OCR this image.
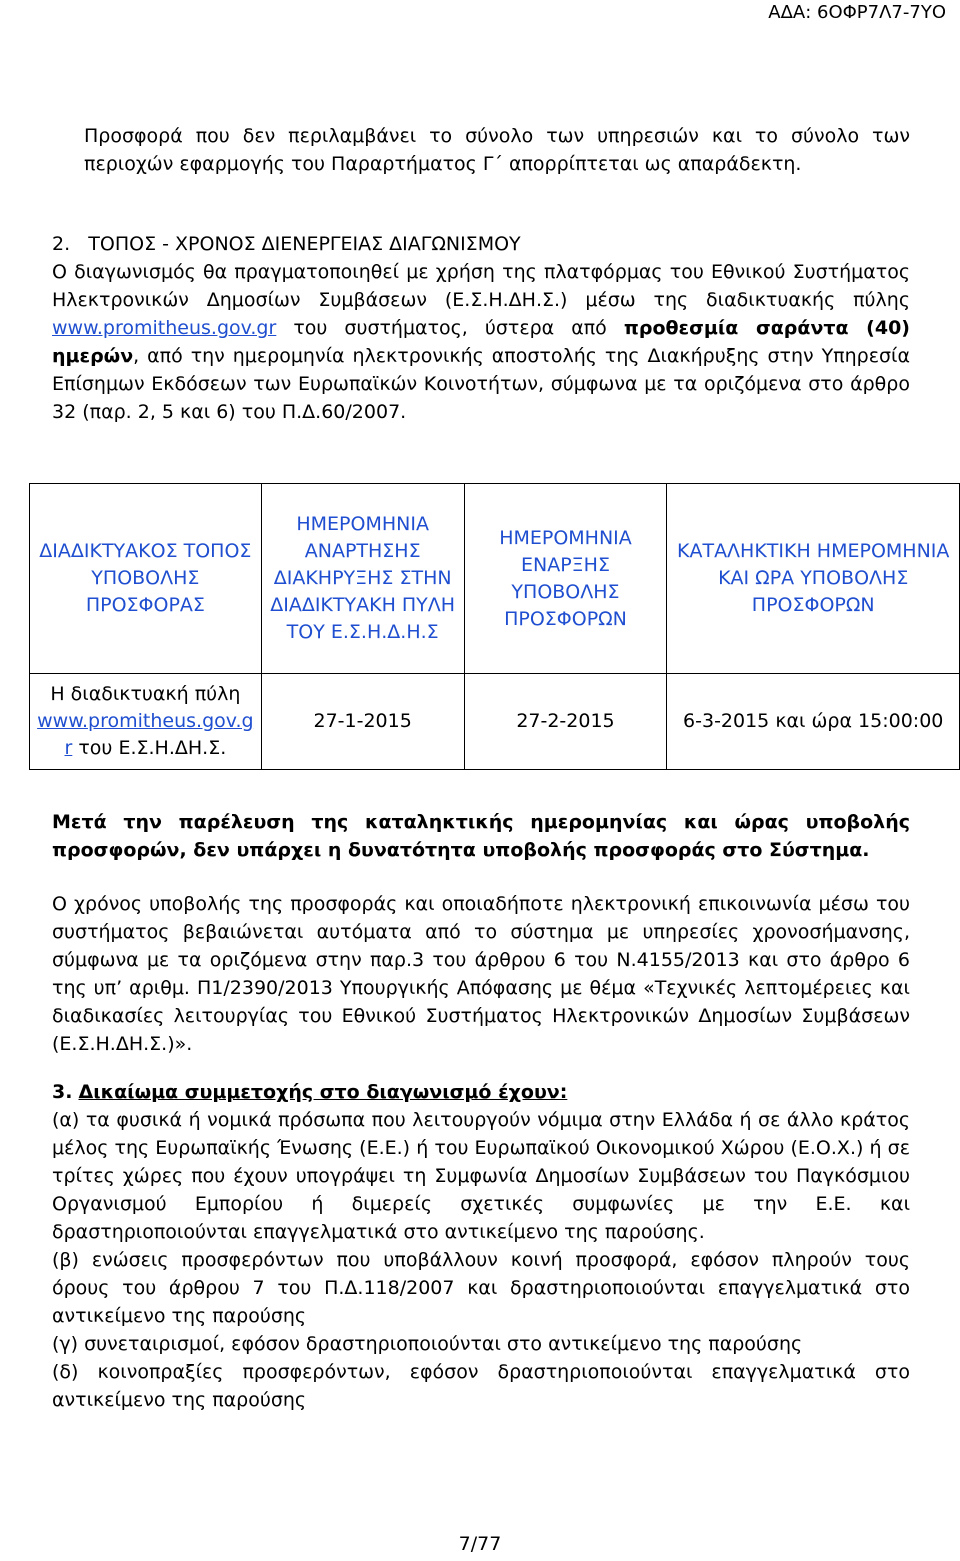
ΑΔΑ: 6ΟΦΡ7Λ7-7ΥΟ
Προσφορά που δεν περιλαμβάνει το σύνολο των υπηρεσιών και το σύνολο των περιοχών εφαρμογής του Παραρτήματος Γ΄ απορρίπτεται ως απαράδεκτη.
2. ΤΟΠΟΣ - ΧΡΟΝΟΣ ΔΙΕΝΕΡΓΕΙΑΣ ΔΙΑΓΩΝΙΣΜΟΥ
Ο διαγωνισμός θα πραγματοποιηθεί με χρήση της πλατφόρμας του Εθνικού Συστήματος Ηλεκτρονικών Δημοσίων Συμβάσεων (Ε.Σ.Η.ΔΗ.Σ.) μέσω της διαδικτυακής πύλης www.promitheus.gov.gr του συστήματος, ύστερα από προθεσμία σαράντα (40) ημερών, από την ημερομηνία ηλεκτρονικής αποστολής της Διακήρυξης στην Υπηρεσία Επίσημων Εκδόσεων των Ευρωπαϊκών Κοινοτήτων, σύμφωνα με τα οριζόμενα στο άρθρο 32 (παρ. 2, 5 και 6) του Π.Δ.60/2007.
ΔΙΑΔΙΚΤΥΑΚΟΣ ΤΟΠΟΣ ΥΠΟΒΟΛΗΣ ΠΡΟΣΦΟΡΑΣ	ΗΜΕΡΟΜΗΝΙΑ ΑΝΑΡΤΗΣΗΣ ΔΙΑΚΗΡΥΞΗΣ ΣΤΗΝ ΔΙΑΔΙΚΤΥΑΚΗ ΠΥΛΗ ΤΟΥ Ε.Σ.Η.Δ.Η.Σ	ΗΜΕΡΟΜΗΝΙΑ ΕΝΑΡΞΗΣ ΥΠΟΒΟΛΗΣ ΠΡΟΣΦΟΡΩΝ	ΚΑΤΑΛΗΚΤΙΚΗ ΗΜΕΡΟΜΗΝΙΑ ΚΑΙ ΩΡΑ ΥΠΟΒΟΛΗΣ ΠΡΟΣΦΟΡΩΝ
Η διαδικτυακή πύλη
www.promitheus.gov.gr του Ε.Σ.Η.ΔΗ.Σ.	27-1-2015	27-2-2015	6-3-2015 και ώρα 15:00:00
Μετά την παρέλευση της καταληκτικής ημερομηνίας και ώρας υποβολής προσφορών, δεν υπάρχει η δυνατότητα υποβολής προσφοράς στο Σύστημα.
Ο χρόνος υποβολής της προσφοράς και οποιαδήποτε ηλεκτρονική επικοινωνία μέσω του συστήματος βεβαιώνεται αυτόματα από το σύστημα με υπηρεσίες χρονοσήμανσης, σύμφωνα με τα οριζόμενα στην παρ.3 του άρθρου 6 του Ν.4155/2013 και στο άρθρο 6 της υπ’ αριθμ. Π1/2390/2013 Υπουργικής Απόφασης με θέμα «Τεχνικές λεπτομέρειες και διαδικασίες λειτουργίας του Εθνικού Συστήματος Ηλεκτρονικών Δημοσίων Συμβάσεων (Ε.Σ.Η.ΔΗ.Σ.)».
3. Δικαίωμα συμμετοχής στο διαγωνισμό έχουν:
(α) τα φυσικά ή νομικά πρόσωπα που λειτουργούν νόμιμα στην Ελλάδα ή σε άλλο κράτος μέλος της Ευρωπαϊκής Ένωσης (Ε.Ε.) ή του Ευρωπαϊκού Οικονομικού Χώρου (Ε.Ο.Χ.) ή σε τρίτες χώρες που έχουν υπογράψει τη Συμφωνία Δημοσίων Συμβάσεων του Παγκόσμιου Οργανισμού Εμπορίου ή διμερείς σχετικές συμφωνίες με την Ε.Ε. και δραστηριοποιούνται επαγγελματικά στο αντικείμενο της παρούσης.
(β) ενώσεις προσφερόντων που υποβάλλουν κοινή προσφορά, εφόσον πληρούν τους όρους του άρθρου 7 του Π.Δ.118/2007 και δραστηριοποιούνται επαγγελματικά στο αντικείμενο της παρούσης
(γ) συνεταιρισμοί, εφόσον δραστηριοποιούνται στο αντικείμενο της παρούσης
(δ) κοινοπραξίες προσφερόντων, εφόσον δραστηριοποιούνται επαγγελματικά στο αντικείμενο της παρούσης
7/77
